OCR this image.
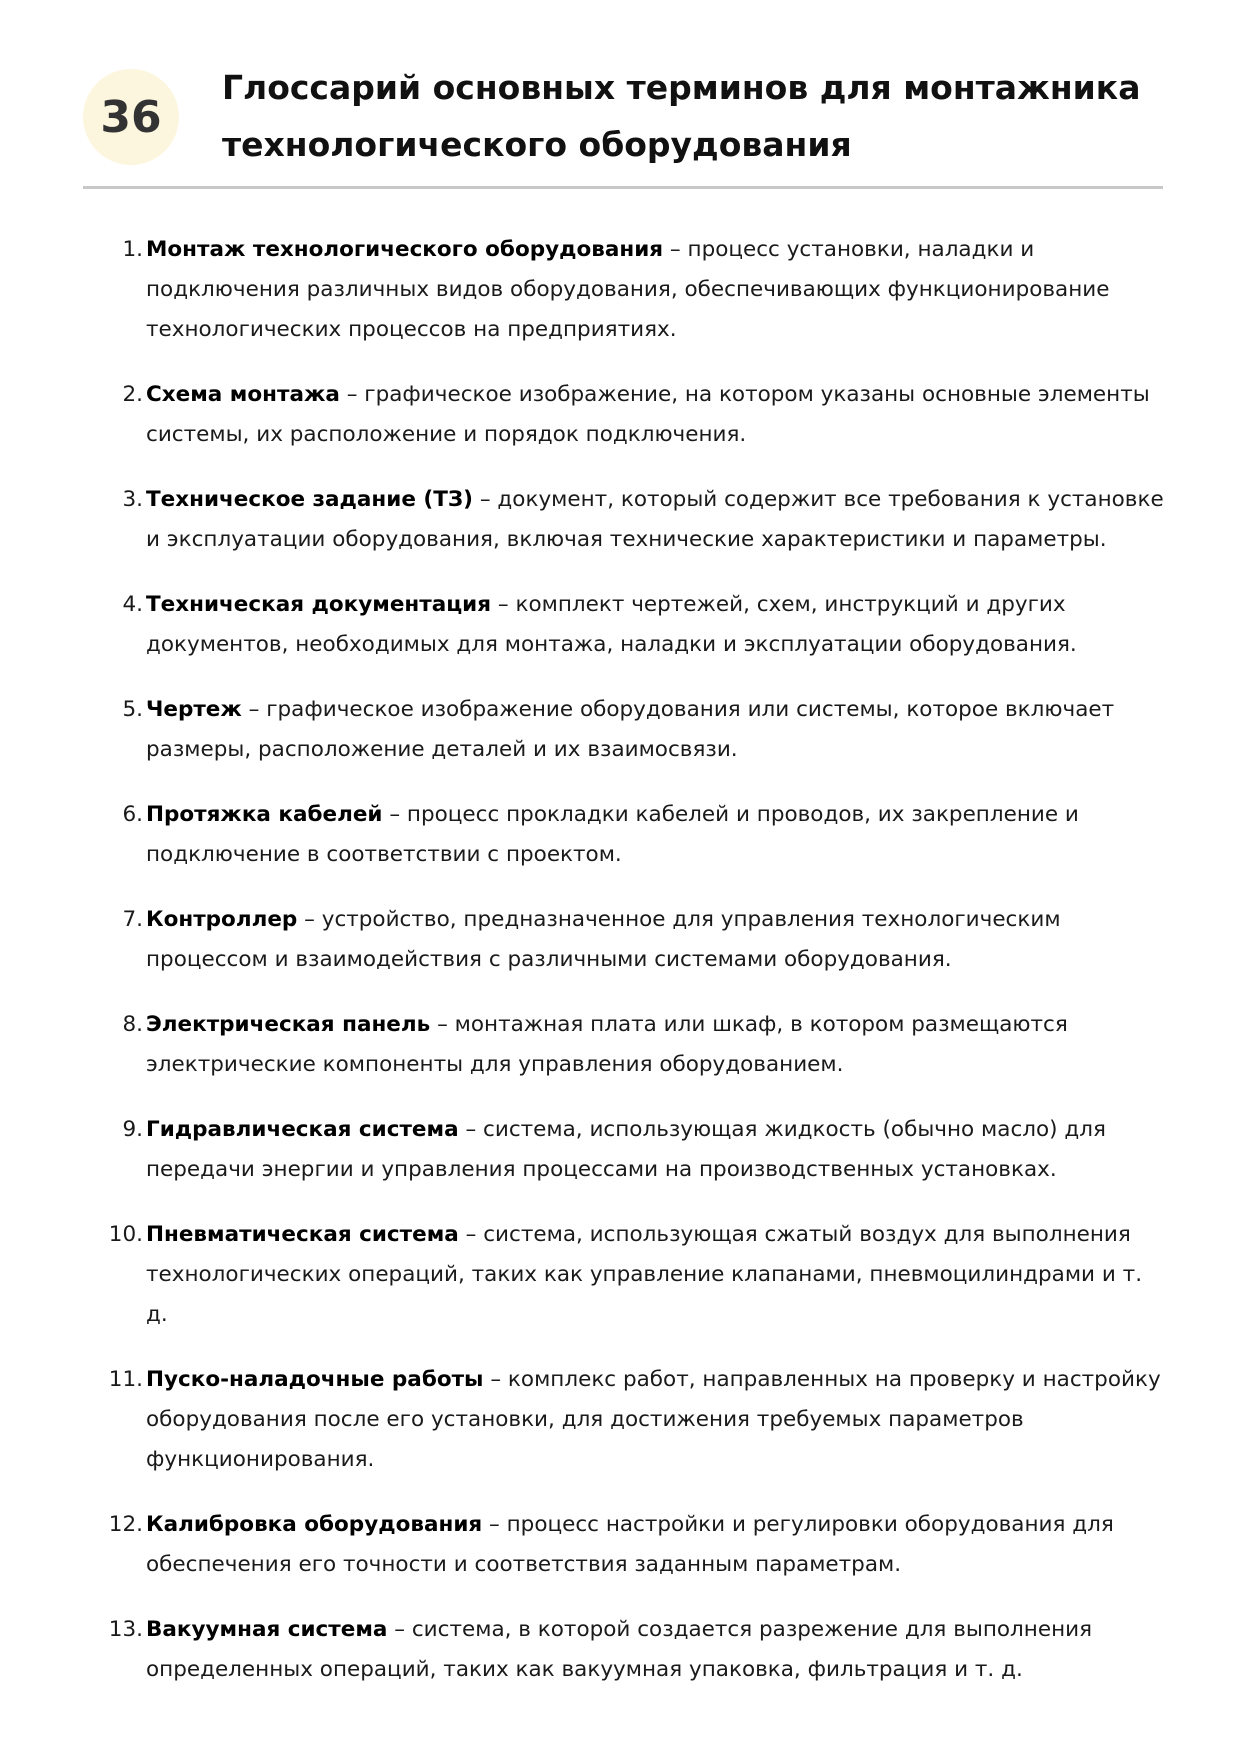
36
Глоссарий основных терминов для монтажника технологического оборудования
1. Монтаж технологического оборудования – процесс установки, наладки и подключения различных видов оборудования, обеспечивающих функционирование технологических процессов на предприятиях.
2. Схема монтажа – графическое изображение, на котором указаны основные элементы системы, их расположение и порядок подключения.
3. Техническое задание (ТЗ) – документ, который содержит все требования к установке и эксплуатации оборудования, включая технические характеристики и параметры.
4. Техническая документация – комплект чертежей, схем, инструкций и других документов, необходимых для монтажа, наладки и эксплуатации оборудования.
5. Чертеж – графическое изображение оборудования или системы, которое включает размеры, расположение деталей и их взаимосвязи.
6. Протяжка кабелей – процесс прокладки кабелей и проводов, их закрепление и подключение в соответствии с проектом.
7. Контроллер – устройство, предназначенное для управления технологическим процессом и взаимодействия с различными системами оборудования.
8. Электрическая панель – монтажная плата или шкаф, в котором размещаются электрические компоненты для управления оборудованием.
9. Гидравлическая система – система, использующая жидкость (обычно масло) для передачи энергии и управления процессами на производственных установках.
10. Пневматическая система – система, использующая сжатый воздух для выполнения технологических операций, таких как управление клапанами, пневмоцилиндрами и т. д.
11. Пуско-наладочные работы – комплекс работ, направленных на проверку и настройку оборудования после его установки, для достижения требуемых параметров функционирования.
12. Калибровка оборудования – процесс настройки и регулировки оборудования для обеспечения его точности и соответствия заданным параметрам.
13. Вакуумная система – система, в которой создается разрежение для выполнения определенных операций, таких как вакуумная упаковка, фильтрация и т. д.
